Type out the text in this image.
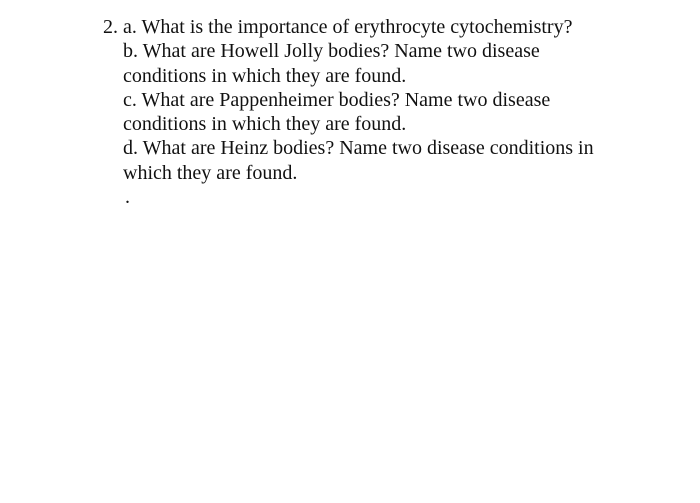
2. a. What is the importance of erythrocyte cytochemistry?
b. What are Howell Jolly bodies? Name two disease
conditions in which they are found.
c. What are Pappenheimer bodies? Name two disease
conditions in which they are found.
d. What are Heinz bodies? Name two disease conditions in
which they are found.
.
